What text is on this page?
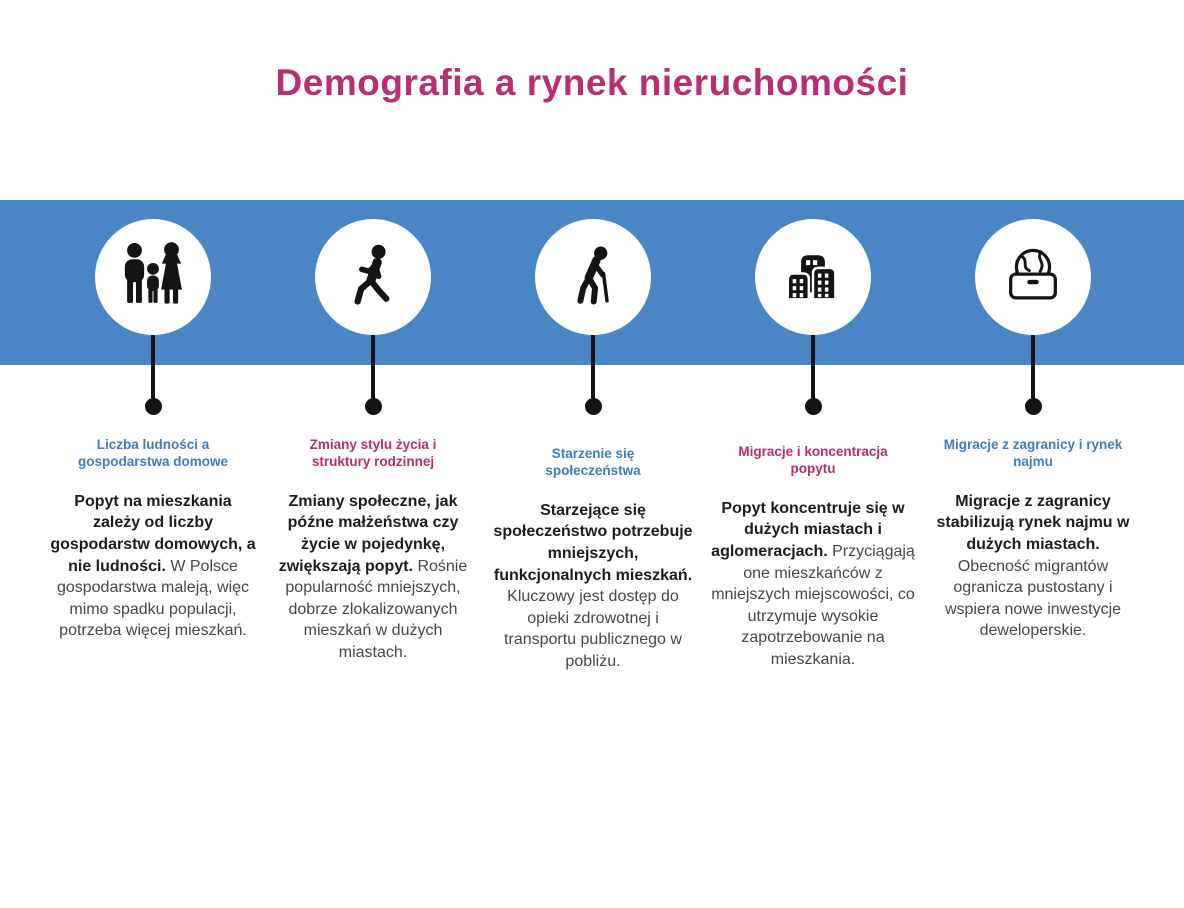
Demografia a rynek nieruchomości
Liczba ludności a
gospodarstwa domowe

Popyt na mieszkania zależy od liczby gospodarstw domowych, a nie ludności. W Polsce gospodarstwa maleją, więc mimo spadku populacji, potrzeba więcej mieszkań.

Zmiany stylu życia i
struktury rodzinnej

Zmiany społeczne, jak późne małżeństwa czy życie w pojedynkę, zwiększają popyt. Rośnie popularność mniejszych, dobrze zlokalizowanych mieszkań w dużych miastach.

Starzenie się
społeczeństwa

Starzejące się społeczeństwo potrzebuje mniejszych, funkcjonalnych mieszkań. Kluczowy jest dostęp do opieki zdrowotnej i transportu publicznego w pobliżu.

Migracje i koncentracja
popytu

Popyt koncentruje się w dużych miastach i aglomeracjach. Przyciągają one mieszkańców z mniejszych miejscowości, co utrzymuje wysokie zapotrzebowanie na mieszkania.

Migracje z zagranicy i rynek
najmu

Migracje z zagranicy stabilizują rynek najmu w dużych miastach. Obecność migrantów ogranicza pustostany i wspiera nowe inwestycje deweloperskie.
